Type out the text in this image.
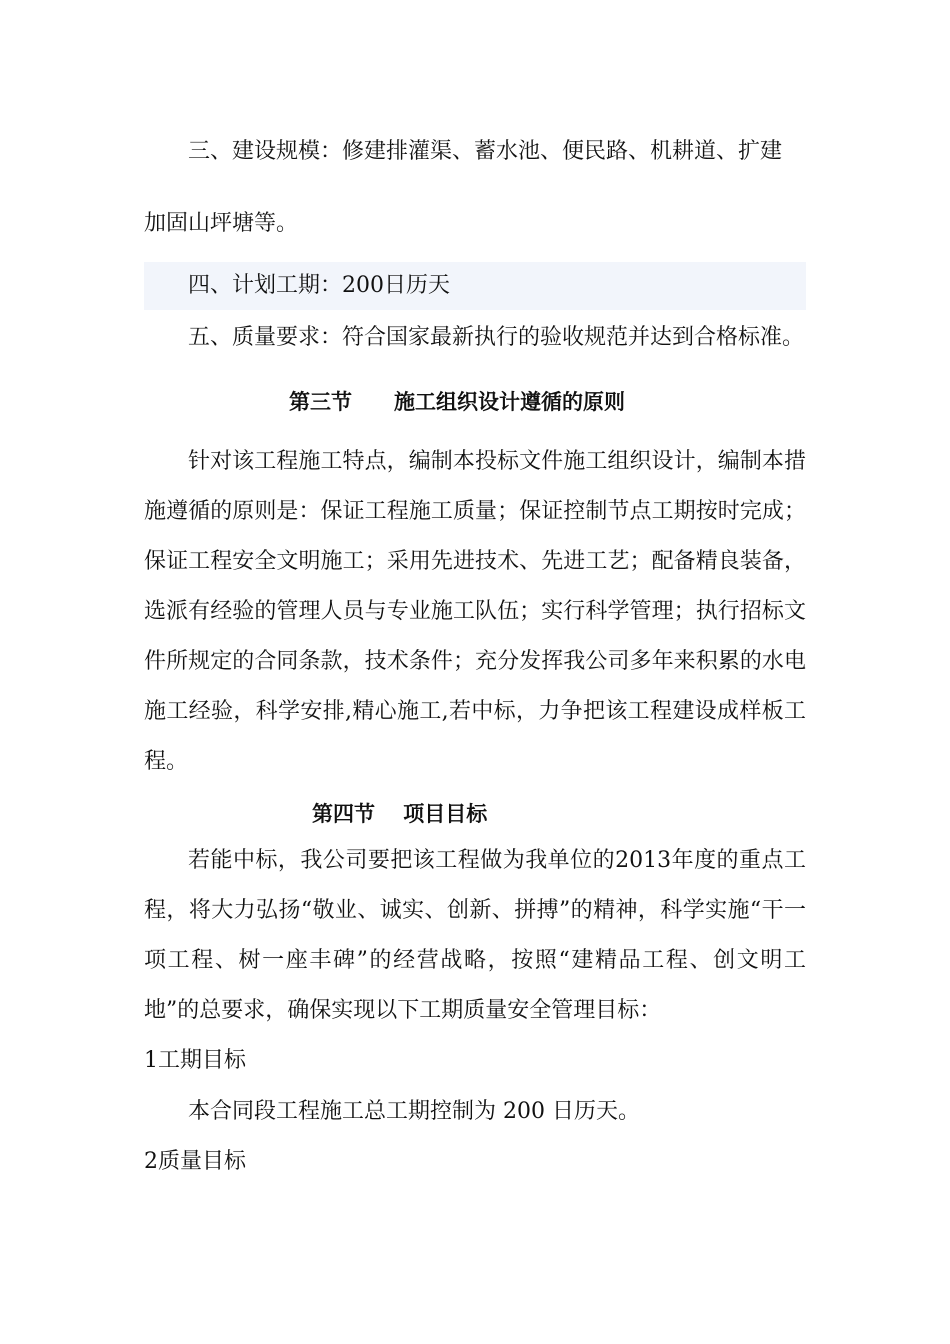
三、建设规模：修建排灌渠、蓄水池、便民路、机耕道、扩建
加固山坪塘等。
四、计划工期：200日历天
五、质量要求：符合国家最新执行的验收规范并达到合格标准。
第三节　　施工组织设计遵循的原则
针对该工程施工特点，编制本投标文件施工组织设计，编制本措施遵循的原则是：保证工程施工质量；保证控制节点工期按时完成；保证工程安全文明施工；采用先进技术、先进工艺；配备精良装备，选派有经验的管理人员与专业施工队伍；实行科学管理；执行招标文件所规定的合同条款，技术条件；充分发挥我公司多年来积累的水电施工经验，科学安排,精心施工,若中标，力争把该工程建设成样板工程。
第四节　 项目目标
若能中标，我公司要把该工程做为我单位的2013年度的重点工程，将大力弘扬“敬业、诚实、创新、拼搏”的精神，科学实施“干一项工程、树一座丰碑”的经营战略，按照“建精品工程、创文明工地”的总要求，确保实现以下工期质量安全管理目标：
1工期目标
本合同段工程施工总工期控制为 200 日历天。
2质量目标
